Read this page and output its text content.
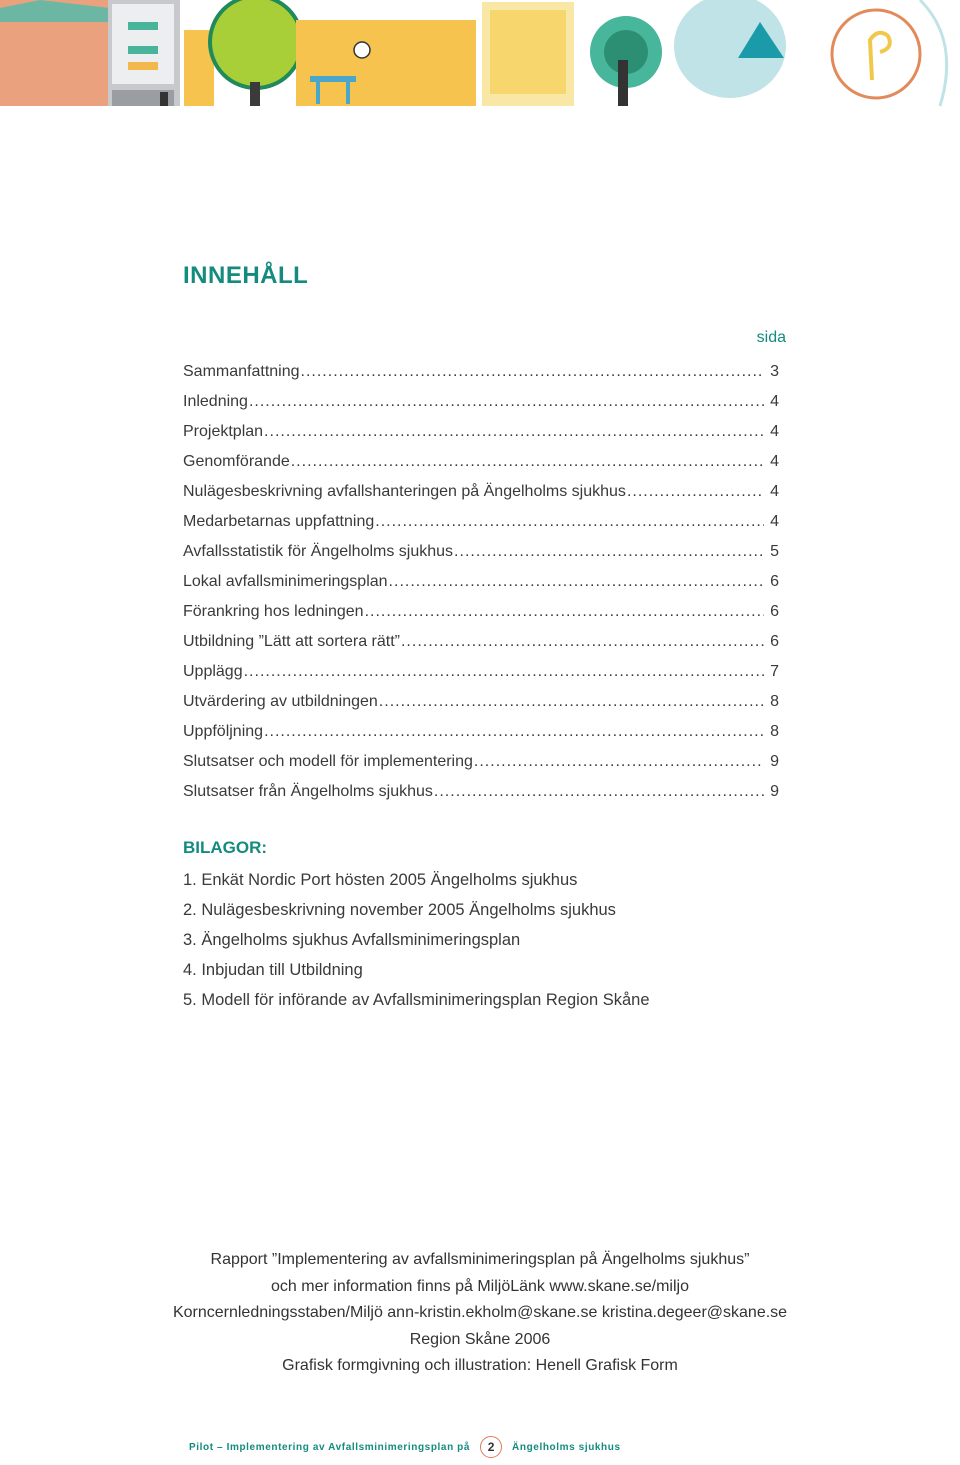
INNEHÅLL
sida
Sammanfattning .....	3
Inledning .....	4
Projektplan .....	4
Genomförande .....	4
Nulägesbeskrivning avfallshanteringen på Ängelholms sjukhus .....	4
Medarbetarnas uppfattning .....	4
Avfallsstatistik för Ängelholms sjukhus .....	5
Lokal avfallsminimeringsplan .....	6
Förankring hos ledningen .....	6
Utbildning ”Lätt att sortera rätt” .....	6
Upplägg .....	7
Utvärdering av utbildningen .....	8
Uppföljning .....	8
Slutsatser och modell för implementering .....	9
Slutsatser från Ängelholms sjukhus .....	9
BILAGOR:
1. Enkät Nordic Port hösten 2005 Ängelholms sjukhus
2. Nulägesbeskrivning november 2005 Ängelholms sjukhus
3. Ängelholms sjukhus Avfallsminimeringsplan
4. Inbjudan till Utbildning
5. Modell för införande av Avfallsminimeringsplan Region Skåne
Rapport ”Implementering av avfallsminimeringsplan på Ängelholms sjukhus”
och mer information finns på MiljöLänk www.skane.se/miljo
Korncernledningsstaben/Miljö ann-kristin.ekholm@skane.se kristina.degeer@skane.se
Region Skåne 2006
Grafisk formgivning och illustration: Henell Grafisk Form
Pilot – Implementering av Avfallsminimeringsplan på	2	Ängelholms sjukhus
